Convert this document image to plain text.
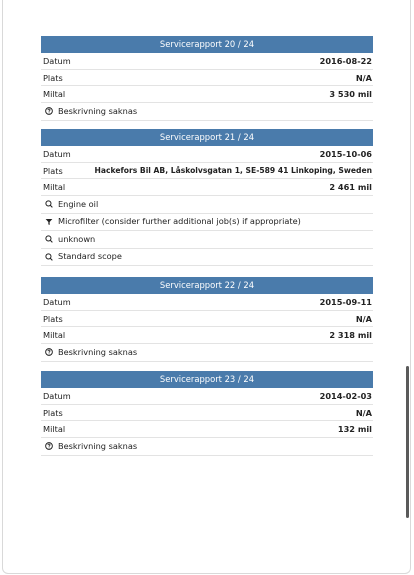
Servicerapport 20 / 24
Datum	2016-08-22
Plats	N/A
Miltal	3 530 mil
Beskrivning saknas
Servicerapport 21 / 24
Datum	2015-10-06
Plats	Hackefors Bil AB, Låskolvsgatan 1, SE-589 41 Linkoping, Sweden
Miltal	2 461 mil
Engine oil
Microfilter (consider further additional job(s) if appropriate)
unknown
Standard scope
Servicerapport 22 / 24
Datum	2015-09-11
Plats	N/A
Miltal	2 318 mil
Beskrivning saknas
Servicerapport 23 / 24
Datum	2014-02-03
Plats	N/A
Miltal	132 mil
Beskrivning saknas
